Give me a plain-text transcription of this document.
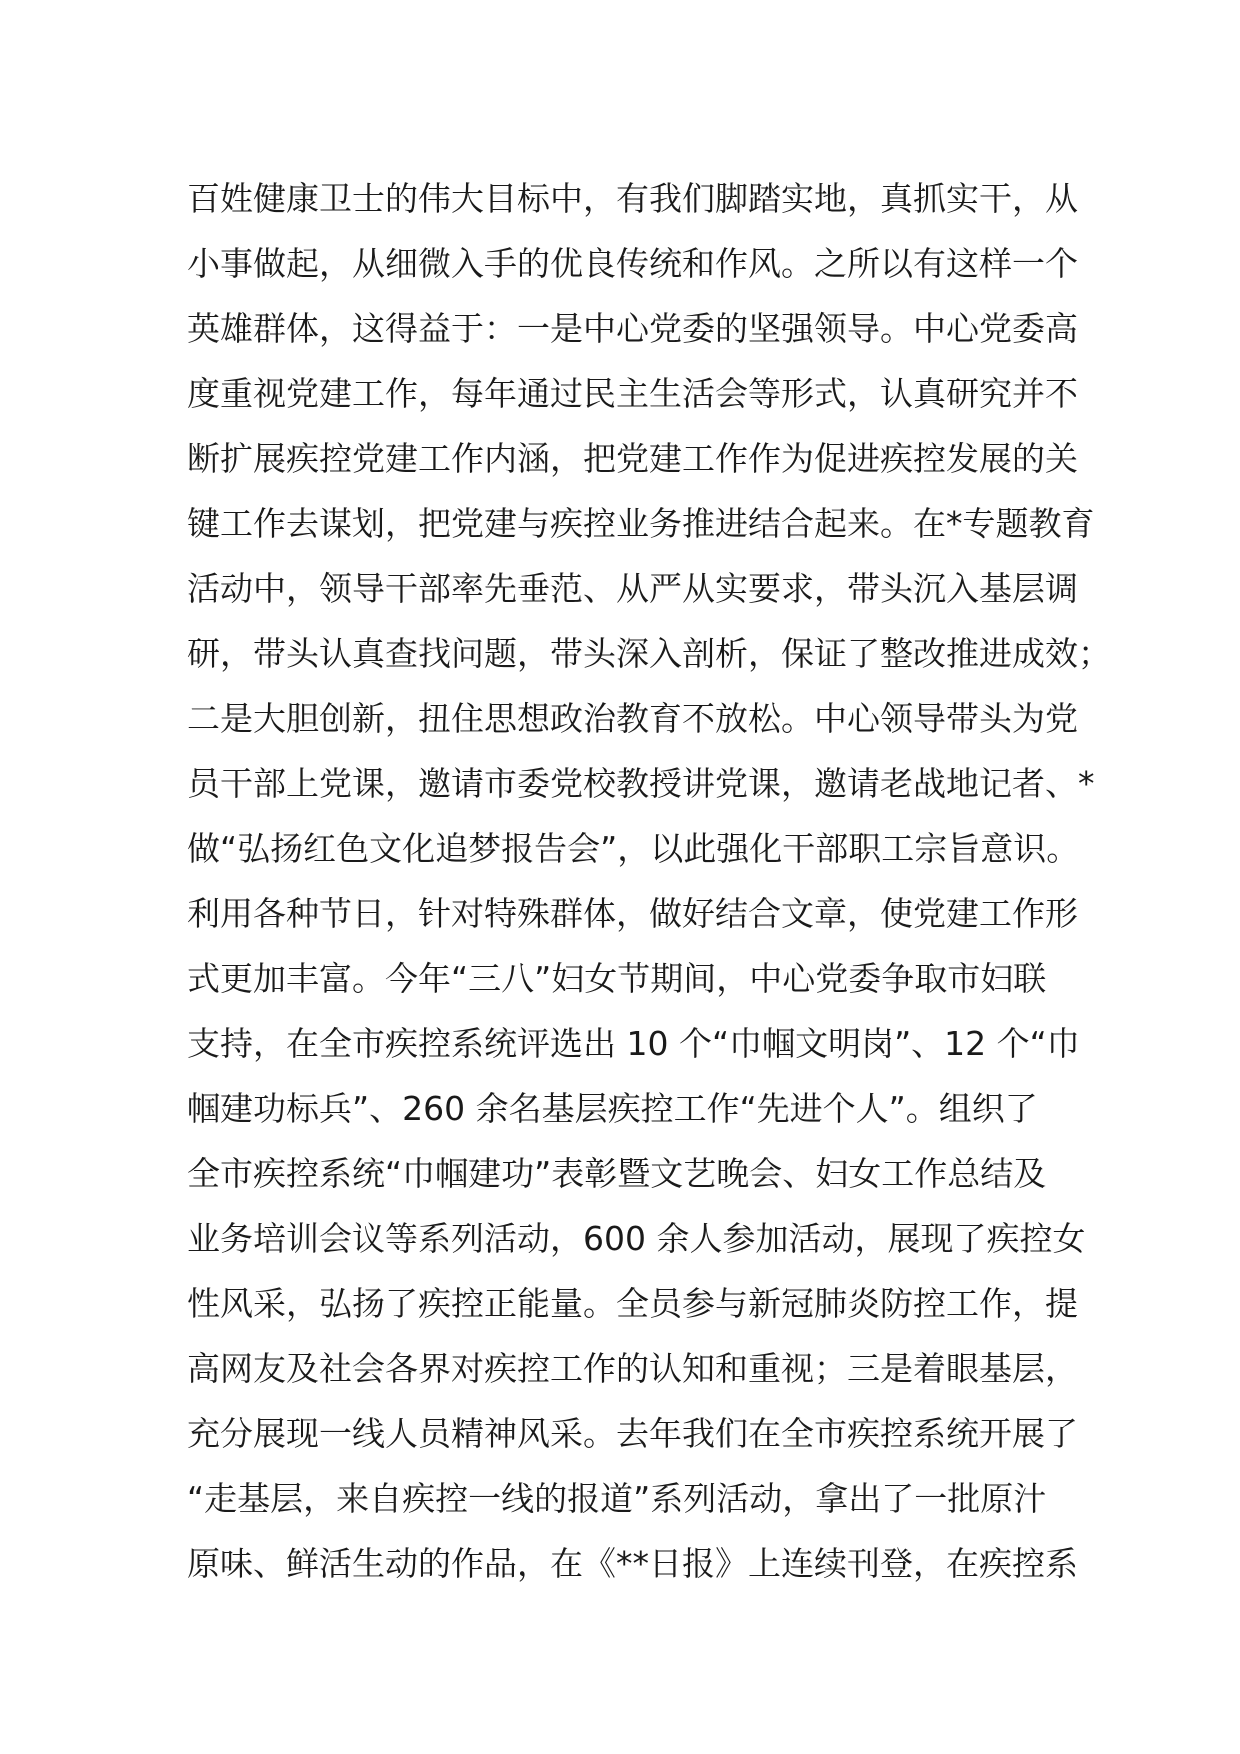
百姓健康卫士的伟大目标中，有我们脚踏实地，真抓实干，从
小事做起，从细微入手的优良传统和作风。之所以有这样一个
英雄群体，这得益于：一是中心党委的坚强领导。中心党委高
度重视党建工作，每年通过民主生活会等形式，认真研究并不
断扩展疾控党建工作内涵，把党建工作作为促进疾控发展的关
键工作去谋划，把党建与疾控业务推进结合起来。在*专题教育
活动中，领导干部率先垂范、从严从实要求，带头沉入基层调
研，带头认真查找问题，带头深入剖析，保证了整改推进成效；
二是大胆创新，扭住思想政治教育不放松。中心领导带头为党
员干部上党课，邀请市委党校教授讲党课，邀请老战地记者、*
做“弘扬红色文化追梦报告会”，以此强化干部职工宗旨意识。
利用各种节日，针对特殊群体，做好结合文章，使党建工作形
式更加丰富。今年“三八”妇女节期间，中心党委争取市妇联
支持，在全市疾控系统评选出 10 个“巾帼文明岗”、12 个“巾
帼建功标兵”、260 余名基层疾控工作“先进个人”。组织了
全市疾控系统“巾帼建功”表彰暨文艺晚会、妇女工作总结及
业务培训会议等系列活动，600 余人参加活动，展现了疾控女
性风采，弘扬了疾控正能量。全员参与新冠肺炎防控工作，提
高网友及社会各界对疾控工作的认知和重视；三是着眼基层，
充分展现一线人员精神风采。去年我们在全市疾控系统开展了
“走基层，来自疾控一线的报道”系列活动，拿出了一批原汁
原味、鲜活生动的作品，在《**日报》上连续刊登，在疾控系
